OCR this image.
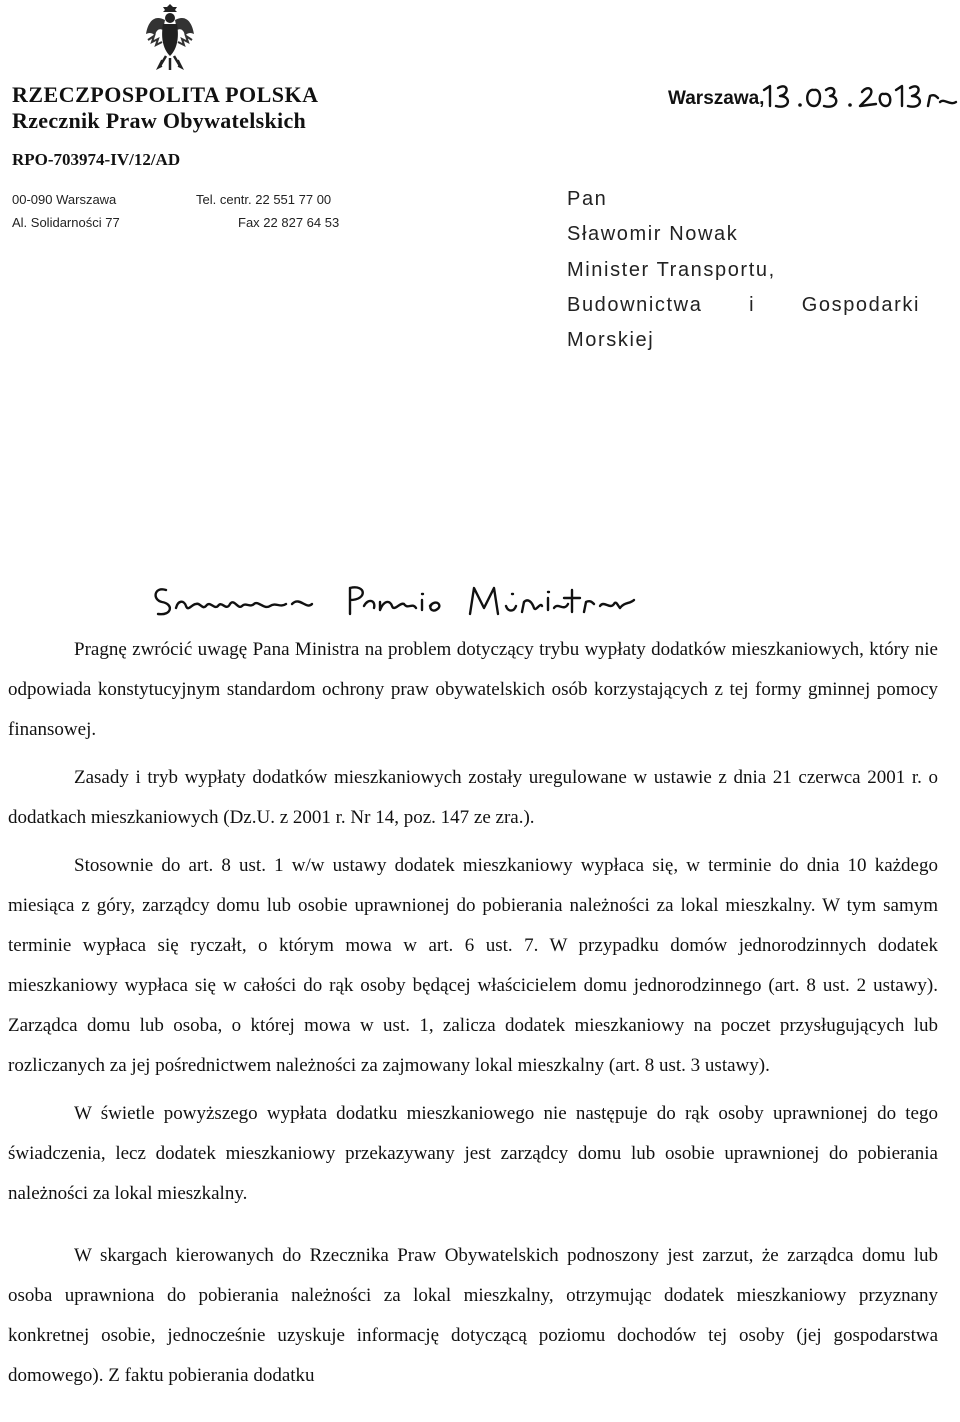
RZECZPOSPOLITA POLSKA
Rzecznik Praw Obywatelskich
RPO-703974-IV/12/AD
00-090 Warszawa
Al. Solidarności 77
Tel. centr. 22 551 77 00
Fax 22 827 64 53
Warszawa,
Pan
Sławomir Nowak
Minister Transportu,
Budownictwa i Gospodarki
Morskiej

Pragnę zwrócić uwagę Pana Ministra na problem dotyczący trybu wypłaty dodatków mieszkaniowych, który nie odpowiada konstytucyjnym standardom ochrony praw obywatelskich osób korzystających z tej formy gminnej pomocy finansowej.

Zasady i tryb wypłaty dodatków mieszkaniowych zostały uregulowane w ustawie z dnia 21 czerwca 2001 r. o dodatkach mieszkaniowych (Dz.U. z 2001 r. Nr 14, poz. 147 ze zra.).

Stosownie do art. 8 ust. 1 w/w ustawy dodatek mieszkaniowy wypłaca się, w terminie do dnia 10 każdego miesiąca z góry, zarządcy domu lub osobie uprawnionej do pobierania należności za lokal mieszkalny. W tym samym terminie wypłaca się ryczałt, o którym mowa w art. 6 ust. 7. W przypadku domów jednorodzinnych dodatek mieszkaniowy wypłaca się w całości do rąk osoby będącej właścicielem domu jednorodzinnego (art. 8 ust. 2 ustawy). Zarządca domu lub osoba, o której mowa w ust. 1, zalicza dodatek mieszkaniowy na poczet przysługujących lub rozliczanych za jej pośrednictwem należności za zajmowany lokal mieszkalny (art. 8 ust. 3 ustawy).

W świetle powyższego wypłata dodatku mieszkaniowego nie następuje do rąk osoby uprawnionej do tego świadczenia, lecz dodatek mieszkaniowy przekazywany jest zarządcy domu lub osobie uprawnionej do pobierania należności za lokal mieszkalny.

W skargach kierowanych do Rzecznika Praw Obywatelskich podnoszony jest zarzut, że zarządca domu lub osoba uprawniona do pobierania należności za lokal mieszkalny, otrzymując dodatek mieszkaniowy przyznany konkretnej osobie, jednocześnie uzyskuje informację dotyczącą poziomu dochodów tej osoby (jej gospodarstwa domowego). Z faktu pobierania dodatku
